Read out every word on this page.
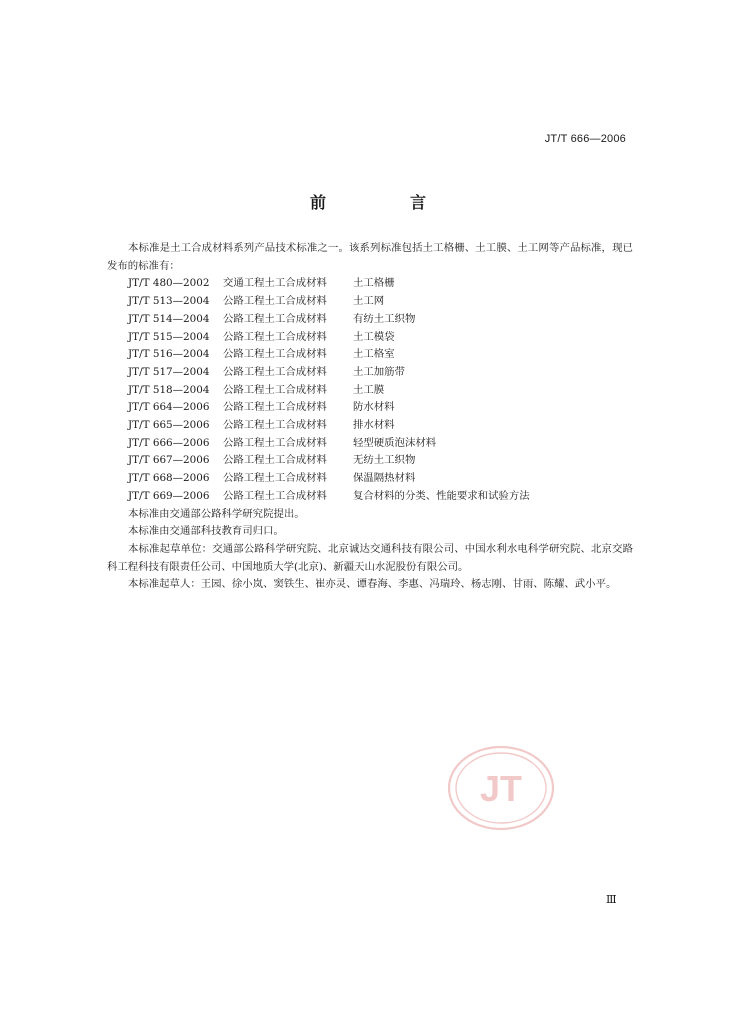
JT/T 666—2006
前　言

本标准是土工合成材料系列产品技术标准之一。该系列标准包括土工格栅、土工膜、土工网等产品标准，现已发布的标准有：

JT/T 480—2002	交通工程土工合成材料	土工格栅
JT/T 513—2004	公路工程土工合成材料	土工网
JT/T 514—2004	公路工程土工合成材料	有纺土工织物
JT/T 515—2004	公路工程土工合成材料	土工模袋
JT/T 516—2004	公路工程土工合成材料	土工格室
JT/T 517—2004	公路工程土工合成材料	土工加筋带
JT/T 518—2004	公路工程土工合成材料	土工膜
JT/T 664—2006	公路工程土工合成材料	防水材料
JT/T 665—2006	公路工程土工合成材料	排水材料
JT/T 666—2006	公路工程土工合成材料	轻型硬质泡沫材料
JT/T 667—2006	公路工程土工合成材料	无纺土工织物
JT/T 668—2006	公路工程土工合成材料	保温隔热材料
JT/T 669—2006	公路工程土工合成材料	复合材料的分类、性能要求和试验方法

本标准由交通部公路科学研究院提出。

本标准由交通部科技教育司归口。

本标准起草单位：交通部公路科学研究院、北京诚达交通科技有限公司、中国水利水电科学研究院、北京交路科工程科技有限责任公司、中国地质大学(北京)、新疆天山水泥股份有限公司。

本标准起草人：王园、徐小岚、窦铁生、崔亦灵、谭春海、李惠、冯瑞玲、杨志刚、甘雨、陈耀、武小平。

JT
Ⅲ
